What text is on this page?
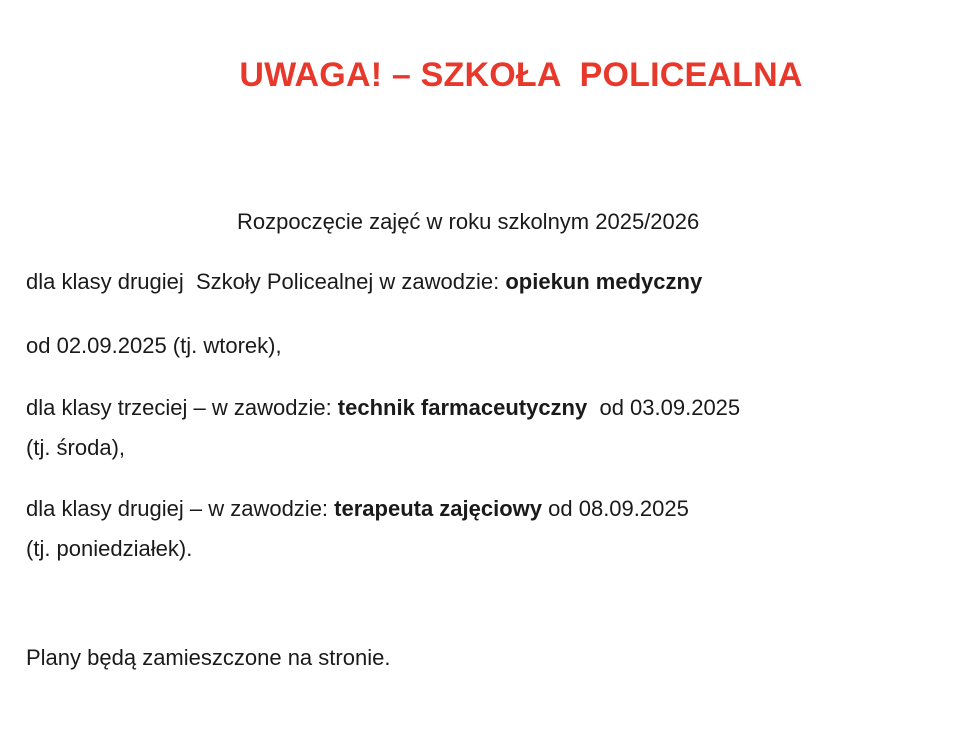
UWAGA! – SZKOŁA  POLICEALNA
Rozpoczęcie zajęć w roku szkolnym 2025/2026
dla klasy drugiej  Szkoły Policealnej w zawodzie: opiekun medyczny
od 02.09.2025 (tj. wtorek),
dla klasy trzeciej – w zawodzie: technik farmaceutyczny  od 03.09.2025
(tj. środa),
dla klasy drugiej – w zawodzie: terapeuta zajęciowy od 08.09.2025
(tj. poniedziałek).
Plany będą zamieszczone na stronie.
